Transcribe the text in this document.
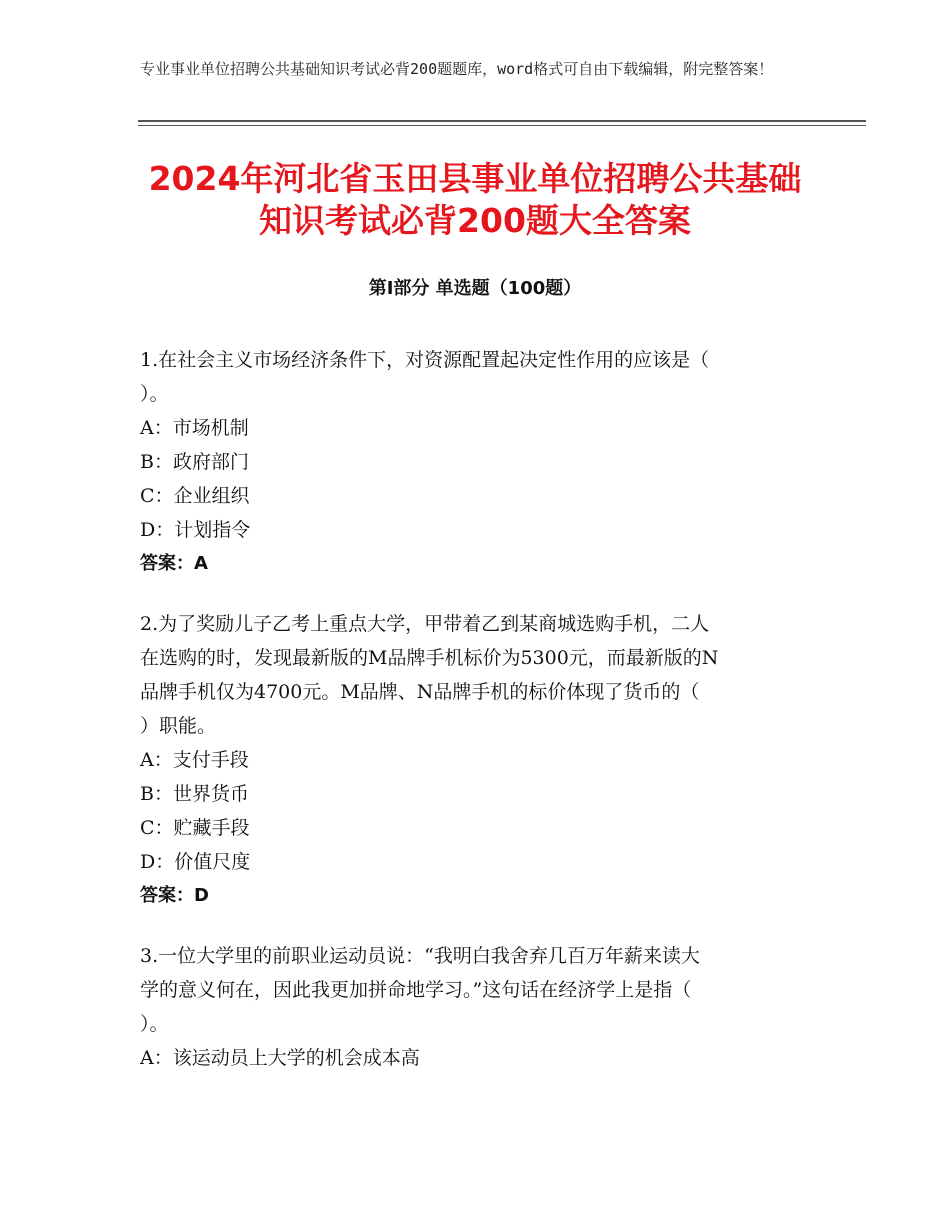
专业事业单位招聘公共基础知识考试必背200题题库，word格式可自由下载编辑，附完整答案！
2024年河北省玉田县事业单位招聘公共基础
知识考试必背200题大全答案
第Ⅰ部分 单选题（100题）

1.在社会主义市场经济条件下，对资源配置起决定性作用的应该是（

）。

A：市场机制

B：政府部门

C：企业组织

D：计划指令

答案：A

2.为了奖励儿子乙考上重点大学，甲带着乙到某商城选购手机，二人

在选购的时，发现最新版的M品牌手机标价为5300元，而最新版的N

品牌手机仅为4700元。M品牌、N品牌手机的标价体现了货币的（

）职能。

A：支付手段

B：世界货币

C：贮藏手段

D：价值尺度

答案：D

3.一位大学里的前职业运动员说：“我明白我舍弃几百万年薪来读大

学的意义何在，因此我更加拼命地学习。”这句话在经济学上是指（

）。

A：该运动员上大学的机会成本高
